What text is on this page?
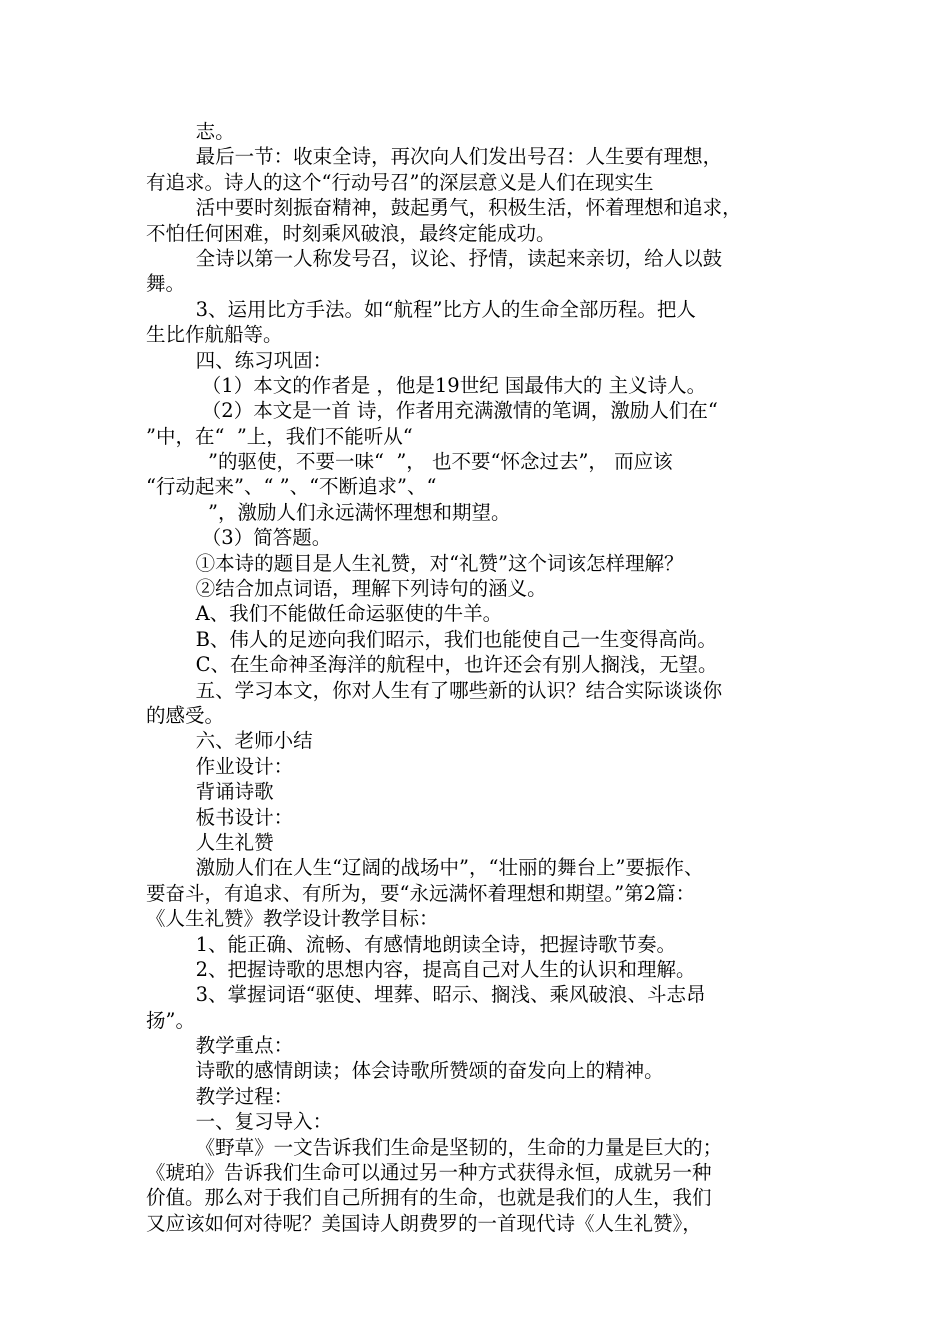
志。
最后一节：收束全诗，再次向人们发出号召：人生要有理想，
有追求。诗人的这个“行动号召”的深层意义是人们在现实生
活中要时刻振奋精神，鼓起勇气，积极生活，怀着理想和追求，
不怕任何困难，时刻乘风破浪，最终定能成功。
全诗以第一人称发号召，议论、抒情，读起来亲切，给人以鼓
舞。
3、运用比方手法。如“航程”比方人的生命全部历程。把人
生比作航船等。
四、练习巩固：
（1）本文的作者是 ，他是19世纪 国最伟大的 主义诗人。
（2）本文是一首 诗，作者用充满激情的笔调，激励人们在“
”中，在“  ”上，我们不能听从“
”的驱使，不要一味“  ”， 也不要“怀念过去”， 而应该
“行动起来”、“ ”、“不断追求”、“
”，激励人们永远满怀理想和期望。
（3）简答题。
①本诗的题目是人生礼赞，对“礼赞”这个词该怎样理解？
②结合加点词语，理解下列诗句的涵义。
A、我们不能做任命运驱使的牛羊。
B、伟人的足迹向我们昭示，我们也能使自己一生变得高尚。
C、在生命神圣海洋的航程中，也许还会有别人搁浅，无望。
五、学习本文，你对人生有了哪些新的认识？结合实际谈谈你
的感受。
六、老师小结
作业设计：
背诵诗歌
板书设计：
人生礼赞
激励人们在人生“辽阔的战场中”，“壮丽的舞台上”要振作、
要奋斗，有追求、有所为，要“永远满怀着理想和期望。”第2篇：
《人生礼赞》教学设计教学目标：
1、能正确、流畅、有感情地朗读全诗，把握诗歌节奏。
2、把握诗歌的思想内容，提高自己对人生的认识和理解。
3、掌握词语“驱使、埋葬、昭示、搁浅、乘风破浪、斗志昂
扬”。
教学重点：
诗歌的感情朗读；体会诗歌所赞颂的奋发向上的精神。
教学过程：
一、复习导入：
《野草》一文告诉我们生命是坚韧的，生命的力量是巨大的；
《琥珀》告诉我们生命可以通过另一种方式获得永恒，成就另一种
价值。那么对于我们自己所拥有的生命，也就是我们的人生，我们
又应该如何对待呢？美国诗人朗费罗的一首现代诗《人生礼赞》，
